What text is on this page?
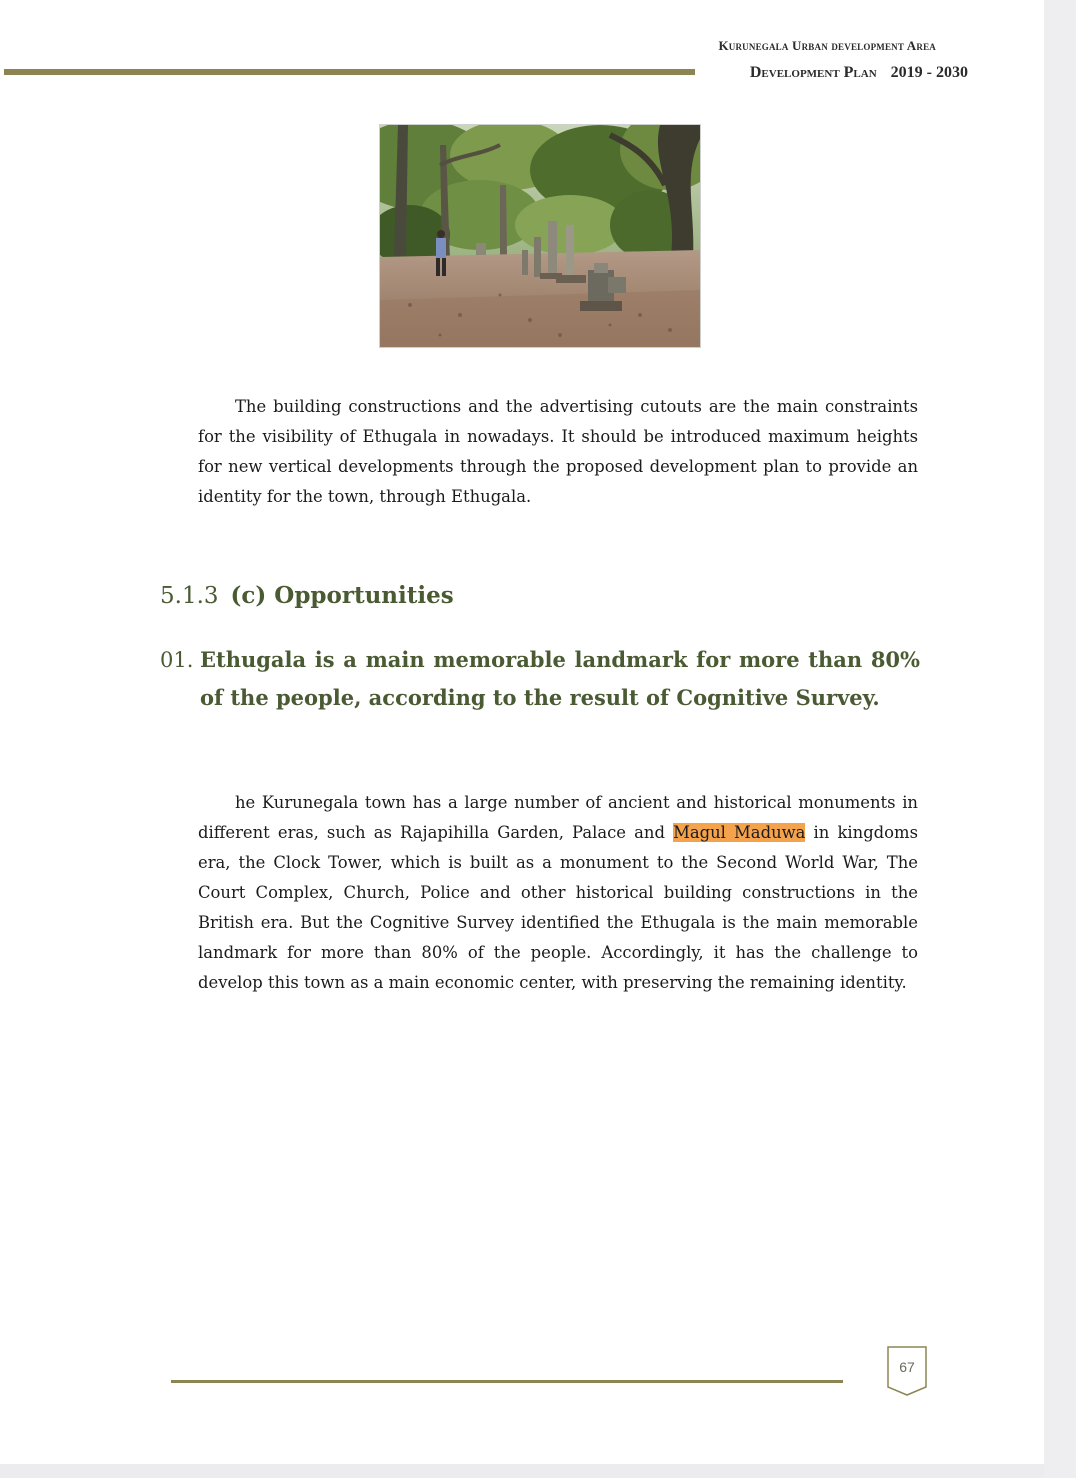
Kurunegala Urban development Area
Development Plan 2019 - 2030

The building constructions and the advertising cutouts are the main constraints for the visibility of Ethugala in nowadays. It should be introduced maximum heights for new vertical developments through the proposed development plan to provide an identity for the town, through Ethugala.

5.1.3 (c) Opportunities
01. Ethugala is a main memorable landmark for more than 80% of the people, according to the result of Cognitive Survey.

he Kurunegala town has a large number of ancient and historical monuments in different eras, such as Rajapihilla Garden, Palace and Magul Maduwa in kingdoms era, the Clock Tower, which is built as a monument to the Second World War, The Court Complex, Church, Police and other historical building constructions in the British era. But the Cognitive Survey identified the Ethugala is the main memorable landmark for more than 80% of the people. Accordingly, it has the challenge to develop this town as a main economic center, with preserving the remaining identity.

67
